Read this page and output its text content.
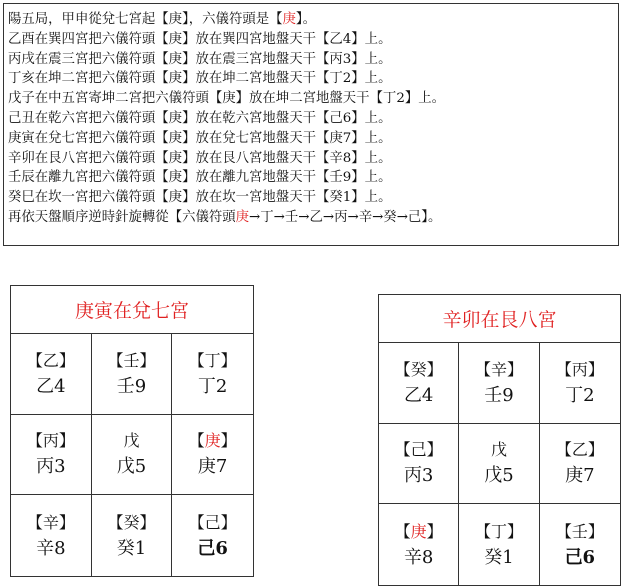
陽五局，甲申從兌七宮起【庚】，六儀符頭是【庚】。
乙酉在巽四宮把六儀符頭【庚】放在巽四宮地盤天干【乙4】上。
丙戌在震三宮把六儀符頭【庚】放在震三宮地盤天干【丙3】上。
丁亥在坤二宮把六儀符頭【庚】放在坤二宮地盤天干【丁2】上。
戊子在中五宮寄坤二宮把六儀符頭【庚】放在坤二宮地盤天干【丁2】上。
己丑在乾六宮把六儀符頭【庚】放在乾六宮地盤天干【己6】上。
庚寅在兌七宮把六儀符頭【庚】放在兌七宮地盤天干【庚7】上。
辛卯在艮八宮把六儀符頭【庚】放在艮八宮地盤天干【辛8】上。
壬辰在離九宮把六儀符頭【庚】放在離九宮地盤天干【壬9】上。
癸巳在坎一宮把六儀符頭【庚】放在坎一宮地盤天干【癸1】上。
再依天盤順序逆時針旋轉從【六儀符頭庚→丁→壬→乙→丙→辛→癸→己】。
庚寅在兌七宮
【乙】
乙4
【壬】
壬9
【丁】
丁2
【丙】
丙3
戊
戊5
【庚】
庚7
【辛】
辛8
【癸】
癸1
【己】
己6
辛卯在艮八宮
【癸】
乙4
【辛】
壬9
【丙】
丁2
【己】
丙3
戊
戊5
【乙】
庚7
【庚】
辛8
【丁】
癸1
【壬】
己6
